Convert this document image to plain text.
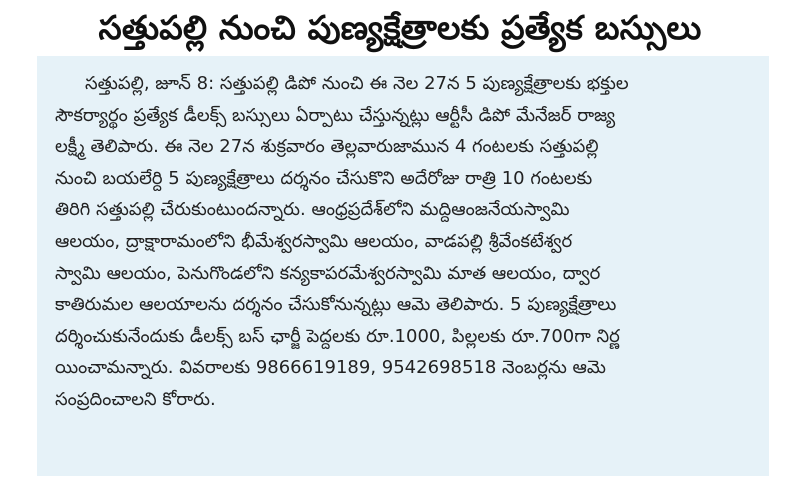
సత్తుపల్లి నుంచి పుణ్యక్షేత్రాలకు ప్రత్యేక బస్సులు
సత్తుపల్లి, జూన్ 8: సత్తుపల్లి డిపో నుంచి ఈ నెల 27న 5 పుణ్యక్షేత్రాలకు భక్తుల
సౌకర్యార్థం ప్రత్యేక డీలక్స్ బస్సులు ఏర్పాటు చేస్తున్నట్లు ఆర్టీసీ డిపో మేనేజర్ రాజ్య
లక్ష్మీ తెలిపారు. ఈ నెల 27న శుక్రవారం తెల్లవారుజామున 4 గంటలకు సత్తుపల్లి
నుంచి బయలేర్ది 5 పుణ్యక్షేత్రాలు దర్శనం చేసుకొని అదేరోజు రాత్రి 10 గంటలకు
తిరిగి సత్తుపల్లి చేరుకుంటుందన్నారు. ఆంధ్రప్రదేశ్‌లోని మద్దిఆంజనేయస్వామి
ఆలయం, ద్రాక్షారామంలోని భీమేశ్వరస్వామి ఆలయం, వాడపల్లి శ్రీవేంకటేశ్వర
స్వామి ఆలయం, పెనుగొండలోని కన్యకాపరమేశ్వరస్వామి మాత ఆలయం, ద్వార
కాతిరుమల ఆలయాలను దర్శనం చేసుకోనున్నట్లు ఆమె తెలిపారు. 5 పుణ్యక్షేత్రాలు
దర్శించుకునేందుకు డీలక్స్ బస్ ఛార్జీ పెద్దలకు రూ.1000, పిల్లలకు రూ.700గా నిర్ణ
యించామన్నారు. వివరాలకు 9866619189, 9542698518 నెంబర్లను ఆమె
సంప్రదించాలని కోరారు.
